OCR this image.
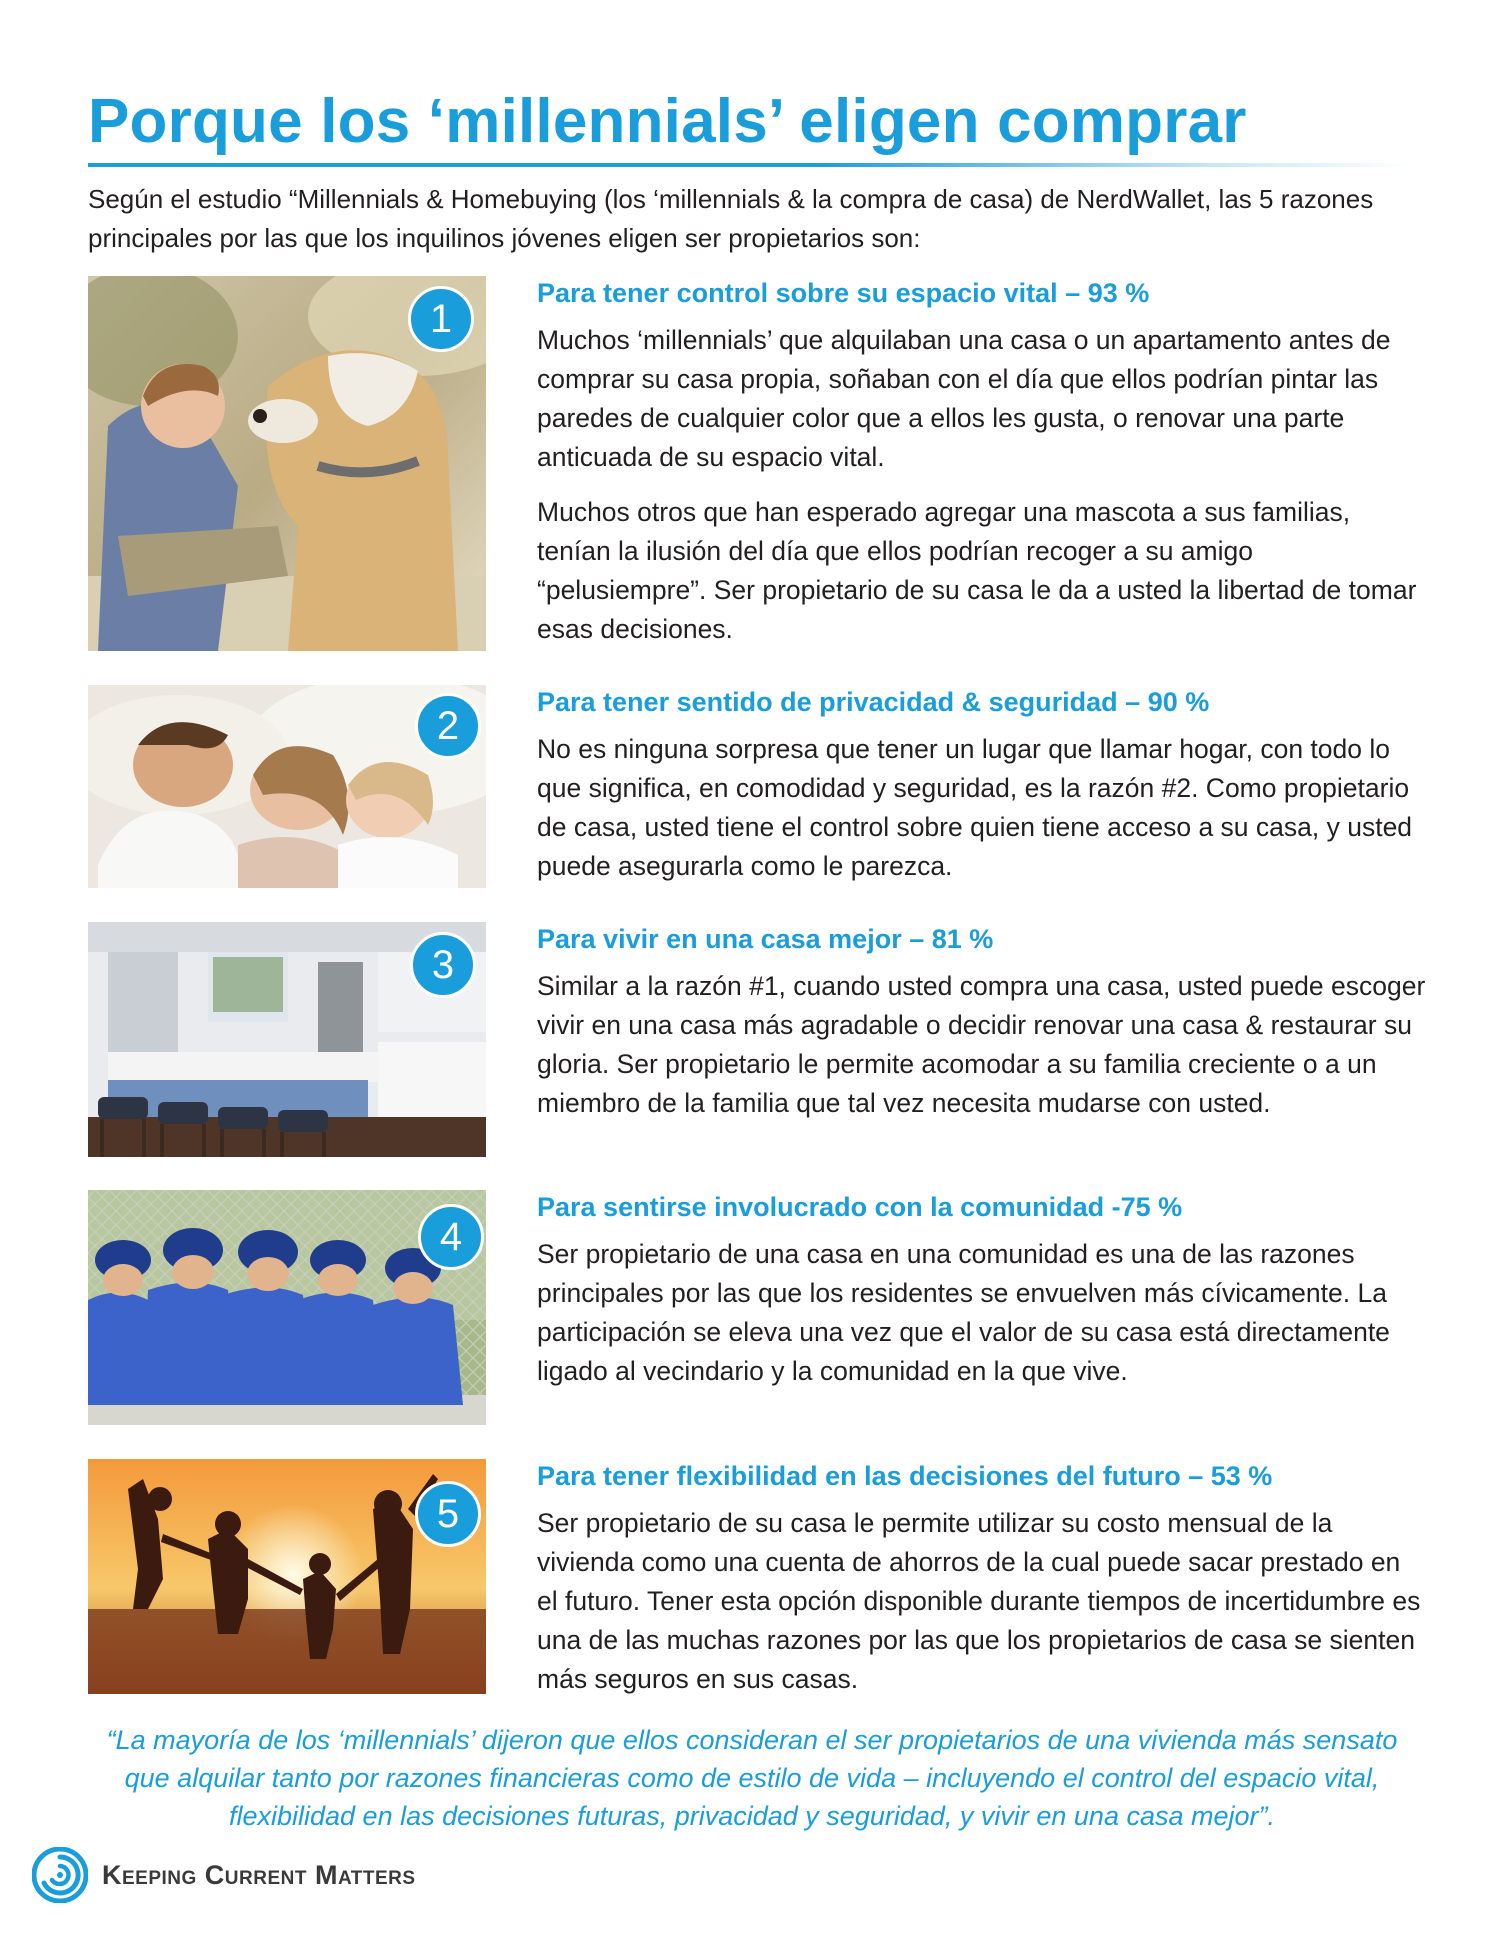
Porque los ‘millennials’ eligen comprar

Según el estudio “Millennials & Homebuying (los ‘millennials & la compra de casa) de NerdWallet, las 5 razones principales por las que los inquilinos jóvenes eligen ser propietarios son:

1
Para tener control sobre su espacio vital – 93 %

Muchos ‘millennials’ que alquilaban una casa o un apartamento antes de comprar su casa propia, soñaban con el día que ellos podrían pintar las paredes de cualquier color que a ellos les gusta, o renovar una parte anticuada de su espacio vital.

Muchos otros que han esperado agregar una mascota a sus familias, tenían la ilusión del día que ellos podrían recoger a su amigo “pelusiempre”. Ser propietario de su casa le da a usted la libertad de tomar esas decisiones.

2
Para tener sentido de privacidad & seguridad – 90 %

No es ninguna sorpresa que tener un lugar que llamar hogar, con todo lo que significa, en comodidad y seguridad, es la razón #2. Como propietario de casa, usted tiene el control sobre quien tiene acceso a su casa, y usted puede asegurarla como le parezca.

3
Para vivir en una casa mejor – 81 %

Similar a la razón #1, cuando usted compra una casa, usted puede escoger vivir en una casa más agradable o decidir renovar una casa & restaurar su gloria. Ser propietario le permite acomodar a su familia creciente o a un miembro de la familia que tal vez necesita mudarse con usted.

4
Para sentirse involucrado con la comunidad -75 %

Ser propietario de una casa en una comunidad es una de las razones principales por las que los residentes se envuelven más cívicamente. La participación se eleva una vez que el valor de su casa está directamente ligado al vecindario y la comunidad en la que vive.

5
Para tener flexibilidad en las decisiones del futuro – 53 %

Ser propietario de su casa le permite utilizar su costo mensual de la vivienda como una cuenta de ahorros de la cual puede sacar prestado en el futuro. Tener esta opción disponible durante tiempos de incertidumbre es una de las muchas razones por las que los propietarios de casa se sienten más seguros en sus casas.

“La mayoría de los ‘millennials’ dijeron que ellos consideran el ser propietarios de una vivienda más sensato que alquilar tanto por razones financieras como de estilo de vida – incluyendo el control del espacio vital, flexibilidad en las decisiones futuras, privacidad y seguridad, y vivir en una casa mejor”.

Keeping Current Matters
